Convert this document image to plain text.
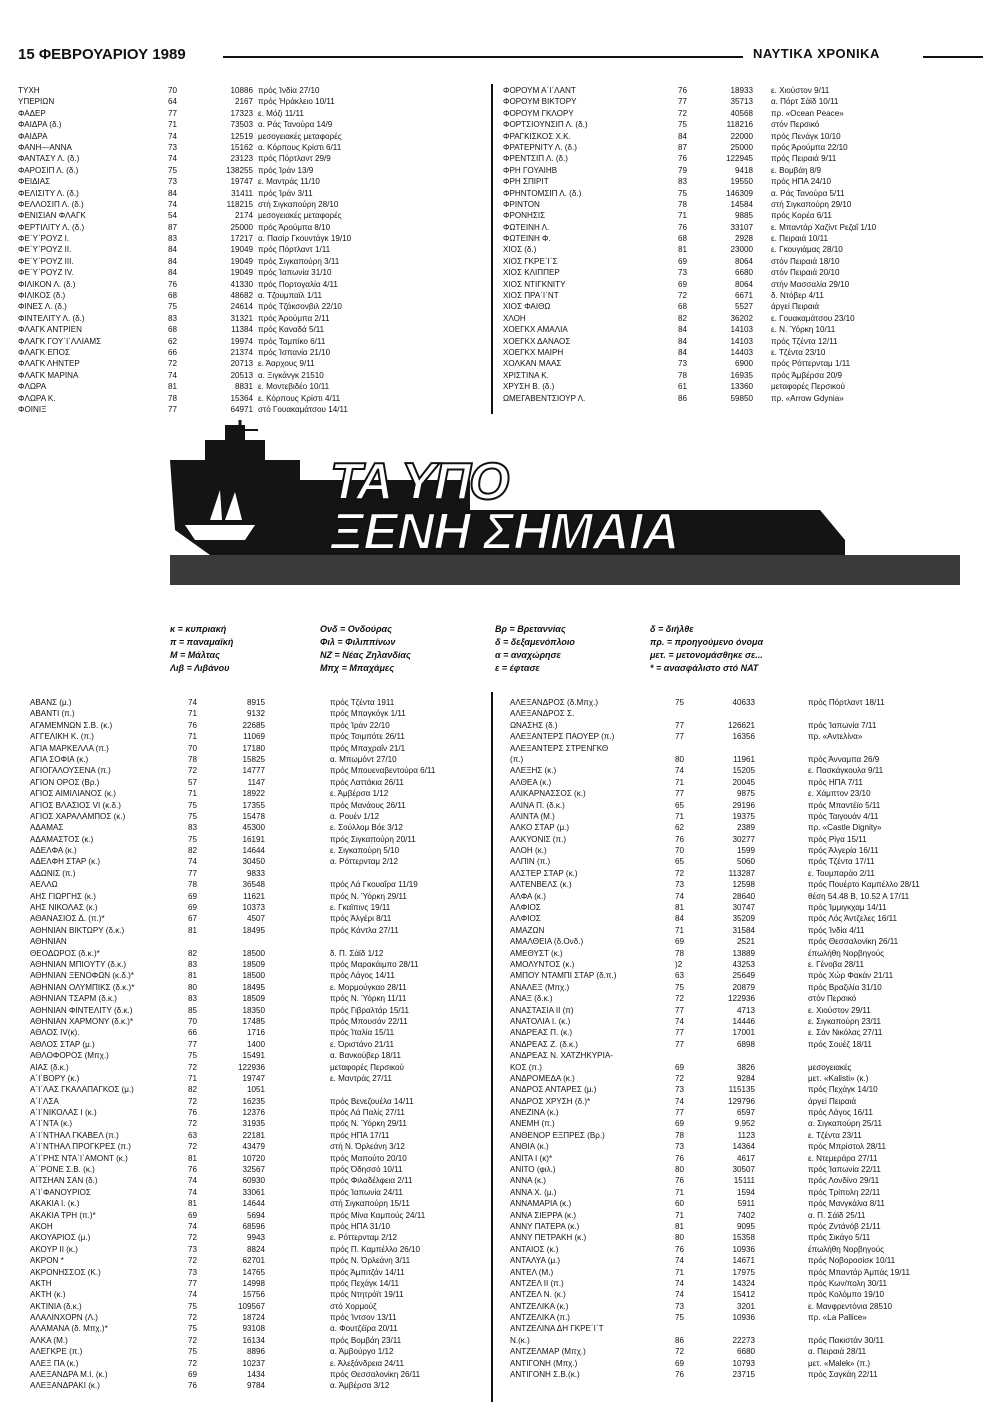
15 ΦΕΒΡΟΥΑΡΙΟΥ 1989	ΝΑΥΤΙΚΑ ΧΡΟΝΙΚΑ
ΤΥΧΗ	70	10886 πρός Ίνδία 27/10
ΥΠΕΡΙΩΝ	64	2167 πρός Ήράκλειο 10/11
ΦΑΔΕΡ	77	17323 ε. Μόζι 11/11
ΦΑΙΔΡΑ (δ.)	71	73503 α. Ράς Τανούρα 14/9
ΦΑΙΔΡΑ	74	12519 μεσογειακές μεταφορές
ΦΑΝΗ—ΑΝΝΑ	73	15162 α. Κόρπους Κρίστι 6/11
ΦΑΝΤΑΣΥ Λ. (δ.)	74	23123 πρός Πόρτλαντ 29/9
ΦΑΡΟΣΙΠ Λ. (δ.)	75	138255 πρός Ίράν 13/9
ΦΕΙΔΙΑΣ	73	19747 ε. Μαντράς 11/10
ΦΕΛΙΣΙΤΥ Λ. (δ.)	84	31411 πρός Ίράν 3/11
ΦΕΛΛΟΣΙΠ Λ. (δ.)	74	118215 στή Σιγκαπούρη 28/10
ΦΕΝΙΣΙΑΝ ΦΛΑΓΚ	54	2174 μεσογειακές μεταφορές
ΦΕΡΤΙΛΙΤΥ Λ. (δ.)	87	25000 πρός Άρούμπα 8/10
ΦΕ΄Υ΄ΡΟΥΖ Ι.	83	17217 α. Πασίρ Γκουντάγκ 19/10
ΦΕ΄Υ΄ΡΟΥΖ ΙΙ.	84	19049 πρός Πόρτλαντ 1/11
ΦΕ΄Υ΄ΡΟΥΖ ΙΙΙ.	84	19049 πρός Σιγκαπούρη 3/11
ΦΕ΄Υ΄ΡΟΥΖ IV.	84	19049 πρός Ίαπωνία 31/10
ΦΙΛΙΚΟΝ Λ. (δ.)	76	41330 πρός Πορτογαλία 4/11
ΦΙΛΙΚΟΣ (δ.)	68	48682 α. Τζουμπαϊλ 1/11
ΦΙΝΕΣ Λ. (δ.)	75	24614 πρός Τζάκσονβιλ 22/10
ΦΙΝΤΕΛΙΤΥ Λ. (δ.)	83	31321 πρός Άρούμπα 2/11
ΦΛΑΓΚ ΑΝΤΡΙΕΝ	68	11384 πρός Καναδά 5/11
ΦΛΑΓΚ ΓΟΥ΄Ι΄ΛΛΙΑΜΣ	62	19974 πρός Ταμπίκο 6/11
ΦΛΑΓΚ ΕΠΟΣ	66	21374 πρός Ίσπανία 21/10
ΦΛΑΓΚ ΛΗΝΤΕΡ	72	20713 ε. Άαρχους 9/11
ΦΛΑΓΚ ΜΑΡΙΝΑ	74	20513 α. Ξιγκάνγκ 21510
ΦΛΩΡΑ	81	8831 ε. Μοντεβιδέο 10/11
ΦΛΩΡΑ Κ.	78	15364 ε. Κόρπους Κρίστι 4/11
ΦΟΙΝΙΞ	77	64971 στό Γουακαμάτσου 14/11
ΦΟΡΟΥΜ Α΄Ι΄ΛΑΝΤ	76	18933 ε. Χιούστον 9/11
ΦΟΡΟΥΜ ΒΙΚΤΟΡΥ	77	35713 α. Πόρτ Σάϊδ 10/11
ΦΟΡΟΥΜ ΓΚΛΟΡΥ	72	40568 πρ. «Ocean Peace»
ΦΟΡΤΣΙΟΥΝΣΙΠ Λ. (δ.)	75	118216 στόν Περσικό
ΦΡΑΓΚΙΣΚΟΣ Χ.Κ.	84	22000 πρός Πενάγκ 10/10
ΦΡΑΤΕΡΝΙΤΥ Λ. (δ.)	87	25000 πρός Άρούμπα 22/10
ΦΡΕΝΤΣΙΠ Λ. (δ.)	76	122945 πρός Πειραιά 9/11
ΦΡΗ ΓΟΥΑΙΗΒ	79	9418 ε. Βομβάη 8/9
ΦΡΗ ΣΠΙΡΙΤ	83	19550 πρός ΗΠΑ 24/10
ΦΡΗΝΤΟΜΣΙΠ Λ. (δ.)	75	146309 α. Ράς Τανούρα 5/11
ΦΡΙΝΤΟΝ	78	14584 στή Σιγκαπούρη 29/10
ΦΡΟΝΗΣΙΣ	71	9885 πρός Κορέα 6/11
ΦΩΤΕΙΝΗ Λ.	76	33107 ε. Μπαντάρ Χαζίντ Ρεζαΐ 1/10
ΦΩΤΕΙΝΗ Φ.	68	2928 ε. Πειραιά 10/11
ΧΙΟΣ (δ.)	81	23000 ε. Γκουγιάμας 28/10
ΧΙΟΣ ΓΚΡΕ΄Ι΄Σ	69	8064 στόν Πειραιά 18/10
ΧΙΟΣ ΚΛΙΠΠΕΡ	73	6680 στόν Πειραιά 20/10
ΧΙΟΣ ΝΤΙΓΚΝΙΤΥ	69	8064 στήν Μασσαλία 29/10
ΧΙΟΣ ΠΡΑ΄Ι΄ΝΤ	72	6671 δ. Ντόβερ 4/11
ΧΙΟΣ ΦΑΙΘΩ	68	5527 άργεί Πειραιά
ΧΛΟΗ	82	36202 ε. Γουακαμάτσου 23/10
ΧΟΕΓΚΧ ΑΜΑΛΙΑ	84	14103 ε. Ν. Ύόρκη 10/11
ΧΟΕΓΚΧ ΔΑΝΑΟΣ	84	14103 πρός Τζέντα 12/11
ΧΟΕΓΚΧ ΜΑΙΡΗ	84	14403 ε. Τζέντα 23/10
ΧΟΛΚΑΝ ΜΑΑΣ	73	6900 πρός Ρόττερνταμ 1/11
ΧΡΙΣΤΙΝΑ Κ.	78	16935 πρός Άμβέρσα 20/9
ΧΡΥΣΗ Β. (δ.)	61	13360 μεταφορές Περσικού
ΩΜΕΓΑΒΕΝΤΣΙΟΥΡ Λ.	86	59850 πρ. «Arrow Gdynia»
ΤΑ ΥΠΟ
ΞΕΝΗ ΣΗΜΑΙΑ
κ = κυπριακή
π = παναμαϊκή
Μ = Μάλτας
Λιβ = Λιβάνου
Ονδ = Ονδούρας
Φιλ = Φιλιππίνων
ΝΖ = Νέας Ζηλανδίας
Μπχ = Μπαχάμες
Βρ = Βρεταννίας
δ = δεξαμενόπλοιο
α = αναχώρησε
ε = έφτασε
δ = διήλθε
πρ. = προηγούμενο όνομα
μετ. = μετονομάσθηκε σε...
* = ανασφάλιστο στό ΝΑΤ
ΑΒΑΝΣ (μ.)	74	8915	πρός Τζέντα 1911
ΑΒΑΝΤΙ (π.)	71	9132	πρός Μπαγκόγκ 1/11
ΑΓΑΜΕΜΝΩΝ Σ.Β. (κ.)	76	22685	πρός Ίράν 22/10
ΑΓΓΕΛΙΚΗ Κ. (π.)	71	11069	πρός Τσιμπότε 26/11
ΑΓΙΑ ΜΑΡΚΕΛΛΑ (π.)	70	17180	πρός Μπαχραΐν 21/1
ΑΓΙΑ ΣΟΦΙΑ (κ.)	78	15825	α. Μπωμόντ 27/10
ΑΓΙΟΓΑΛΟΥΣΕΝΑ (π.)	72	14777	πρός Μπουεναβεντούρα 6/11
ΑΓΙΟΝ ΟΡΟΣ (Βρ.)	57	1147	πρός Λαττάκια 26/11
ΑΓΙΟΣ ΑΙΜΙΛΙΑΝΟΣ (κ.)	71	18922	ε. Άμβέρσα 1/12
ΑΓΙΟΣ ΒΛΑΣΙΟΣ VI (κ.δ.)	75	17355	πρός Μανάους 26/11
ΑΓΙΟΣ ΧΑΡΑΛΑΜΠΟΣ (κ.)	75	15478	α. Ρουέν 1/12
ΑΔΑΜΑΣ	83	45300	ε. Σούλλομ Βόε 3/12
ΑΔΑΜΑΣΤΟΣ (κ.)	75	16191	πρός Σιγκαπούρη 20/11
ΑΔΕΛΦΑ (κ.)	82	14644	ε. Σιγκαπούρη 5/10
ΑΔΕΛΦΗ ΣΤΑΡ (κ.)	74	30450	α. Ρόττερνταμ 2/12
ΑΔΩΝΙΣ (π.)	77	9833
ΑΕΛΛΩ	78	36548	πρός Λά Γκουαΐρα 11/19
ΑΗΣ ΓΙΩΡΓΗΣ (κ.)	69	11621	πρός Ν. Ύόρκη 29/11
ΑΗΣ ΝΙΚΟΛΑΣ (κ.)	69	10373	ε. Γκαϊπινς 19/11
ΑΘΑΝΑΣΙΟΣ Δ. (π.)*	67	4507	πρός Άλγέρι 8/11
ΑΘΗΝΙΑΝ ΒΙΚΤΩΡΥ (δ.κ.)	81	18495	πρός Κάντλα 27/11
ΑΘΗΝΙΑΝ
ΘΕΟΔΩΡΟΣ (δ.κ.)*	82	18500	δ. Π. Σάϊδ 1/12
ΑΘΗΝΙΑΝ ΜΠΙΟΥΤΥ (δ.κ.)	83	18509	πρός Μαρακάιμπο 28/11
ΑΘΗΝΙΑΝ ΞΕΝΟΦΩΝ (κ.δ.)*	81	18500	πρός Λάγος 14/11
ΑΘΗΝΙΑΝ ΟΛΥΜΠΙΚΣ (δ.κ.)*	80	18495	ε. Μορμούγκαο 28/11
ΑΘΗΝΙΑΝ ΤΣΑΡΜ (δ.κ.)	83	18509	πρός Ν. Ύόρκη 11/11
ΑΘΗΝΙΑΝ ΦΙΝΤΕΛΙΤΥ (δ.κ.)	85	18350	πρός Γιβραλτάρ 15/11
ΑΘΗΝΙΑΝ ΧΑΡΜΟΝΥ (δ.κ.)*	70	17485	πρός Μπουσάν 22/11
ΑΘΛΟΣ ΙV(κ).	66	1716	πρός Ίταλία 15/11
ΑΘΛΟΣ ΣΤΑΡ (μ.)	77	1400	ε. Όριστάνο 21/11
ΑΘΛΟΦΟΡΟΣ (Μπχ.)	75	15491	α. Βανκούβερ 18/11
ΑΙΑΣ (δ.κ.)	72	122936	μεταφορές Περσικού
Α΄Ι΄ΒΟΡΥ (κ.)	71	19747	ε. Μαντράς 27/11
Α΄Ι΄ΛΑΣ ΓΚΑΛΑΠΑΓΚΟΣ (μ.)	82	1051
Α΄Ι΄ΛΣΑ	72	16235	πρός Βενεζουέλα 14/11
Α΄Ι΄ΝΙΚΟΛΑΣ Ι (κ.)	76	12376	πρός Λά Παλίς 27/11
Α΄Ι΄ΝΤΑ (κ.)	72	31935	πρός Ν. Ύόρκη 29/11
Α΄Ι΄ΝΤΗΑΛ ΓΚΑΒΕΛ (π.)	63	22181	πρός ΗΠΑ 17/11
Α΄Ι΄ΝΤΗΑΛ ΠΡΟΓΚΡΕΣ (π.)	72	43479	στή Ν. Όρλεάνη 3/12
Α΄Ι΄ΡΗΣ ΝΤΑ΄Ι΄ΑΜΟΝΤ (κ.)	81	10720	πρός Μαπούτο 20/10
Α΄΄ΡΟΝΕ Σ.Β. (κ.)	76	32567	πρός Όδησσό 10/11
ΑΙΤΣΗΑΝ ΣΑΝ (δ.)	74	60930	πρός Φιλαδέλφεια 2/11
Α΄Ι΄ΦΑΝΟΥΡΙΟΣ	74	33061	πρός Ίαπωνία 24/11
ΑΚΑΚΙΑ Ι. (κ.)	81	14644	στή Σιγκαπούρη 15/11
ΑΚΑΚΙΑ ΤΡΗ (π.)*	69	5694	πρός Μίνα Καμπούς 24/11
ΑΚΟΗ	74	68596	πρός ΗΠΑ 31/10
ΑΚΟΥΑΡΙΟΣ (μ.)	72	9943	ε. Ρόττερνταμ 2/12
ΑΚΟΥΡ ΙΙ (κ.)	73	8824	πρός Π. Καμπέλλο 26/10
ΑΚΡΟΝ *	72	62701	πρός Ν. Όρλεάνη 3/11
ΑΚΡΟΝΗΣΣΟΣ (Κ.)	73	14765	πρός Άμπιτζάν 14/11
ΑΚΤΗ	77	14998	πρός Πεχάγκ 14/11
ΑΚΤΗ (κ.)	74	15756	πρός Ντητρόϊτ 19/11
ΑΚΤΙΝΙΑ (δ.κ.)	75	109567	στό Χορμούζ
ΑΛΑΛΙΝΧΟΡΝ (Λ.)	72	18724	πρός Ίντσον 13/11
ΑΛΑΜΑΝΑ (δ. Μπχ.)*	75	93108	α. Φουτζέϊρα 20/11
ΑΛΚΑ (Μ.)	72	16134	πρός Βομβάη 23/11
ΑΛΕΓΚΡΕ (π.)	75	8896	α. Άμβούργο 1/12
ΑΛΕΞ ΠΑ (κ.)	72	10237	ε. Άλεξάνδρεια 24/11
ΑΛΕΞΑΝΔΡΑ Μ.Ι. (κ.)	69	1434	πρός Θεσσαλονίκη 26/11
ΑΛΕΞΑΝΔΡΑΚΙ (κ.)	76	9784	α. Άμβέρσα 3/12
ΑΛΕΞΑΝΔΡΟΣ (δ.Μπχ.)	75	40633	πρός Πόρτλαντ 18/11
ΑΛΕΞΑΝΔΡΟΣ Σ.
ΩΝΑΣΗΣ (δ.)	77	126621	πρός Ίαπωνία 7/11
ΑΛΕΞΑΝΤΕΡΣ ΠΑΟΥΕΡ (π.)	77	16356	πρ. «Αντελίνα»
ΑΛΕΞΑΝΤΕΡΣ ΣΤΡΕΝΓΚΘ
(π.)	80	11961	πρός Άνναμπα 26/9
ΑΛΕΞΗΣ (κ.)	74	15205	ε. Πασκάγκουλα 9/11
ΑΛΘΕΑ (κ.)	71	20045	πρός ΗΠΑ 7/11
ΑΛΙΚΑΡΝΑΣΣΟΣ (κ.)	77	9875	ε. Χάμπτον 23/10
ΑΛΙΝΑ Π. (δ.κ.)	65	29196	πρός Μπαντέϊο 5/11
ΑΛΙΝΤΑ (Μ.)	71	19375	πρός Ταιγουάν 4/11
ΑΛΚΟ ΣΤΑΡ (μ.)	62	2389	πρ. «Castle Dignity»
ΑΛΚΥΟΝΙΣ (π.)	76	30277	πρός Ρίγα 15/11
ΑΛΟΗ (κ.)	70	1599	πρός Άλγερία 16/11
ΑΛΠΙΝ (π.)	65	5060	πρός Τζέντα 17/11
ΑΛΣΤΕΡ ΣΤΑΡ (κ.)	72	113287	ε. Τουμπαράο 2/11
ΑΛΤΕΝΒΕΛΣ (κ.)	73	12598	πρός Πουέρτο Καμπέλλο 28/11
ΑΛΦΑ (κ.)	74	28640	θέση 54.48 Β, 10.52 Α 17/11
ΑΛΦΙΟΣ	81	30747	πρός Ίμμιγκχαμ 14/11
ΑΛΦΙΟΣ	84	35209	πρός Λός Άντζελες 16/11
ΑΜΑΖΩΝ	71	31584	πρός Ίνδία 4/11
ΑΜΑΛΘΕΙΑ (δ.Ονδ.)	69	2521	πρός Θεσσαλονίκη 26/11
ΑΜΕΘΥΣΤ (κ.)	78	13889	έπωλήθη Νορβηγούς
ΑΜΟΛΥΝΤΟΣ (κ.)	)2	43253	ε. Γένοβα 28/11
ΑΜΠΟΥ ΝΤΑΜΠΙ ΣΤΑΡ (δ.π.)	63	25649	πρός Χώρ Φακάν 21/11
ΑΝΑΛΕΞ (Μπχ.)	75	20879	πρός Βραζιλία 31/10
ΑΝΑΞ (δ.κ.)	72	122936	στόν Περσικό
ΑΝΑΣΤΑΣΙΑ ΙΙ (π)	77	4713	ε. Χιούστον 29/11
ΑΝΑΤΟΛΙΑ Ι. (κ.)	74	14446	ε. Σιγκαπούρη 23/11
ΑΝΔΡΕΑΣ Π. (κ.)	77	17001	ε. Σάν Νικόλας 27/11
ΑΝΔΡΕΑΣ Ζ. (δ.κ.)	77	6898	πρός Σουέζ 18/11
ΑΝΔΡΕΑΣ Ν. ΧΑΤΖΗΚΥΡΙΑ-
ΚΟΣ (π.)	69	3826	μεσογειακές
ΑΝΔΡΟΜΕΔΑ (κ.)	72	9284	μετ. «Kalisti» (κ.)
ΑΝΔΡΟΣ ΑΝΤΑΡΕΣ (μ.)	73	115135	πρός Πεχάγκ 14/10
ΑΝΔΡΟΣ ΧΡΥΣΗ (δ.)*	74	129796	άργεί Πειραιά
ΑΝΕΖΙΝΑ (κ.)	77	6597	πρός Λάγος 16/11
ΑΝΕΜΗ (π.)	69	9.952	α. Σιγκαπούρη 25/11
ΑΝΘΕΝΟΡ ΕΞΠΡΕΣ (Βρ.)	78	1123	ε. Τζέντα 23/11
ΑΝΘΙΑ (κ.)	73	14364	πρός Μπρίστολ 28/11
ΑΝΙΤΑ Ι (κ)*	76	4617	ε. Ντεμεράρα 27/11
ΑΝΙΤΟ (φιλ.)	80	30507	πρός Ίαπωνία 22/11
ΑΝΝΑ (κ.)	76	15111	πρός Λονδίνο 29/11
ΑΝΝΑ Χ. (μ.)	71	1594	πρός Τρίπολη 22/11
ΑΝΝΑΜΑΡΙΑ (κ.)	60	5911	πρός Μανγκάλια 8/11
ΑΝΝΑ ΣΙΕΡΡΑ (κ.)	71	7402	α. Π. Σάϊδ 25/11
ΑΝΝΥ ΠΑΤΕΡΑ (κ.)	81	9095	πρός Ζντάνόβ 21/11
ΑΝΝΥ ΠΕΤΡΑΚΗ (κ.)	80	15358	πρός Σικάγο 5/11
ΑΝΤΑΙΟΣ (κ.)	76	10936	έπωλήθη Νορβηγούς
ΑΝΤΑΛΥΑ (μ.)	74	14671	πρός Νοβοροσίσκ 10/11
ΑΝΤΕΛ (Μ.)	71	17975	πρός Μπαντάρ Άμπάς 19/11
ΑΝΤΖΕΛ ΙΙ (π.)	74	14324	πρός Κων/πολη 30/11
ΑΝΤΖΕΛ Ν. (κ.)	74	15412	πρός Κολόμπο 19/10
ΑΝΤΖΕΛΙΚΑ (κ.)	73	3201	ε. Μανφρεντόνια 28510
ΑΝΤΖΕΛΙΚΑ (π.)	75	10936	πρ. «La Pallice»
ΑΝΤΖΕΛΙΝΑ ΔΗ ΓΚΡΕ΄Ι΄Τ
Ν.(κ.)	86	22273	πρός Πακιστάν 30/11
ΑΝΤΖΕΛΜΑΡ (Μπχ.)	72	6680	α. Πειραιά 28/11
ΑΝΤΙΓΟΝΗ (Μπχ.)	69	10793	μετ. «Malek» (π.)
ΑΝΤΙΓΟΝΗ Σ.Β.(κ.)	76	23715	πρός Σαγκάη 22/11
